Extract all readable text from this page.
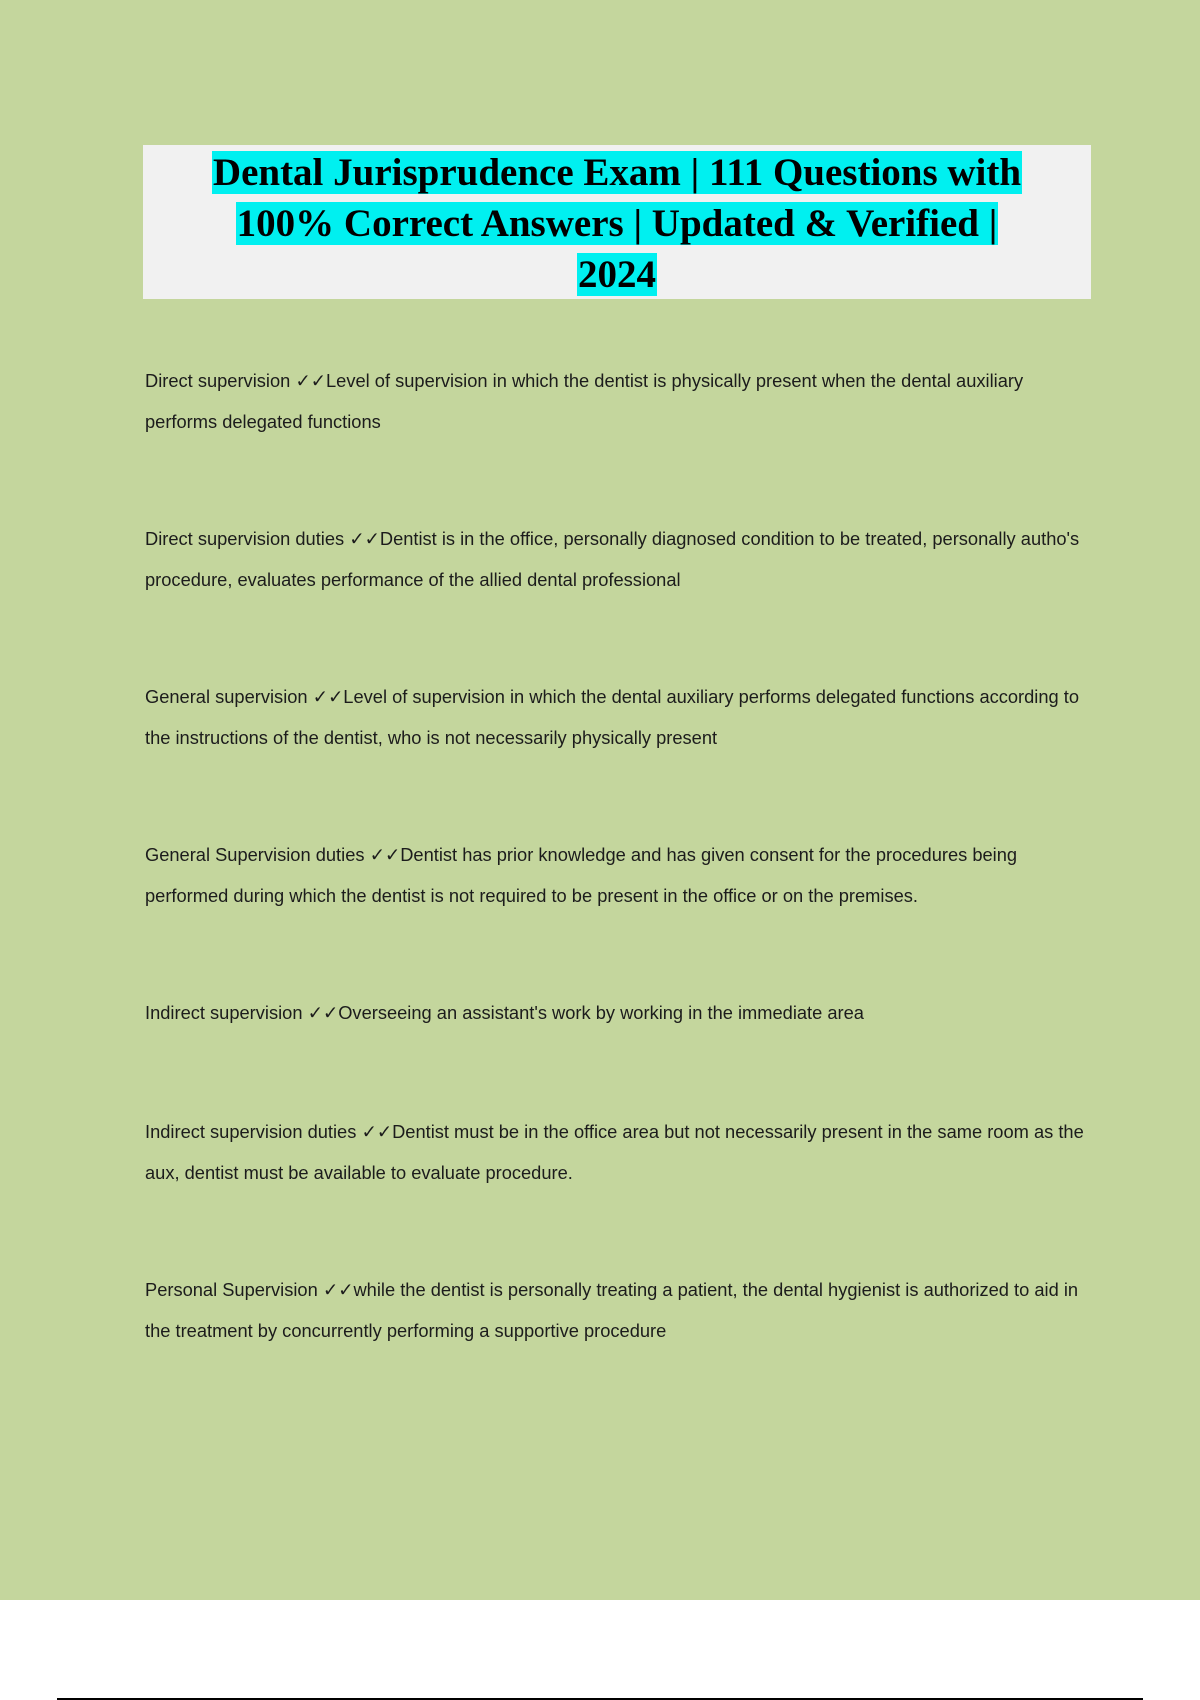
Dental Jurisprudence Exam | 111 Questions with
100% Correct Answers | Updated & Verified |
2024

Direct supervision ✓✓Level of supervision in which the dentist is physically present when the dental auxiliary performs delegated functions

Direct supervision duties ✓✓Dentist is in the office, personally diagnosed condition to be treated, personally autho's procedure, evaluates performance of the allied dental professional

General supervision ✓✓Level of supervision in which the dental auxiliary performs delegated functions according to the instructions of the dentist, who is not necessarily physically present

General Supervision duties ✓✓Dentist has prior knowledge and has given consent for the procedures being performed during which the dentist is not required to be present in the office or on the premises.

Indirect supervision ✓✓Overseeing an assistant's work by working in the immediate area

Indirect supervision duties ✓✓Dentist must be in the office area but not necessarily present in the same room as the aux, dentist must be available to evaluate procedure.

Personal Supervision ✓✓while the dentist is personally treating a patient, the dental hygienist is authorized to aid in the treatment by concurrently performing a supportive procedure
